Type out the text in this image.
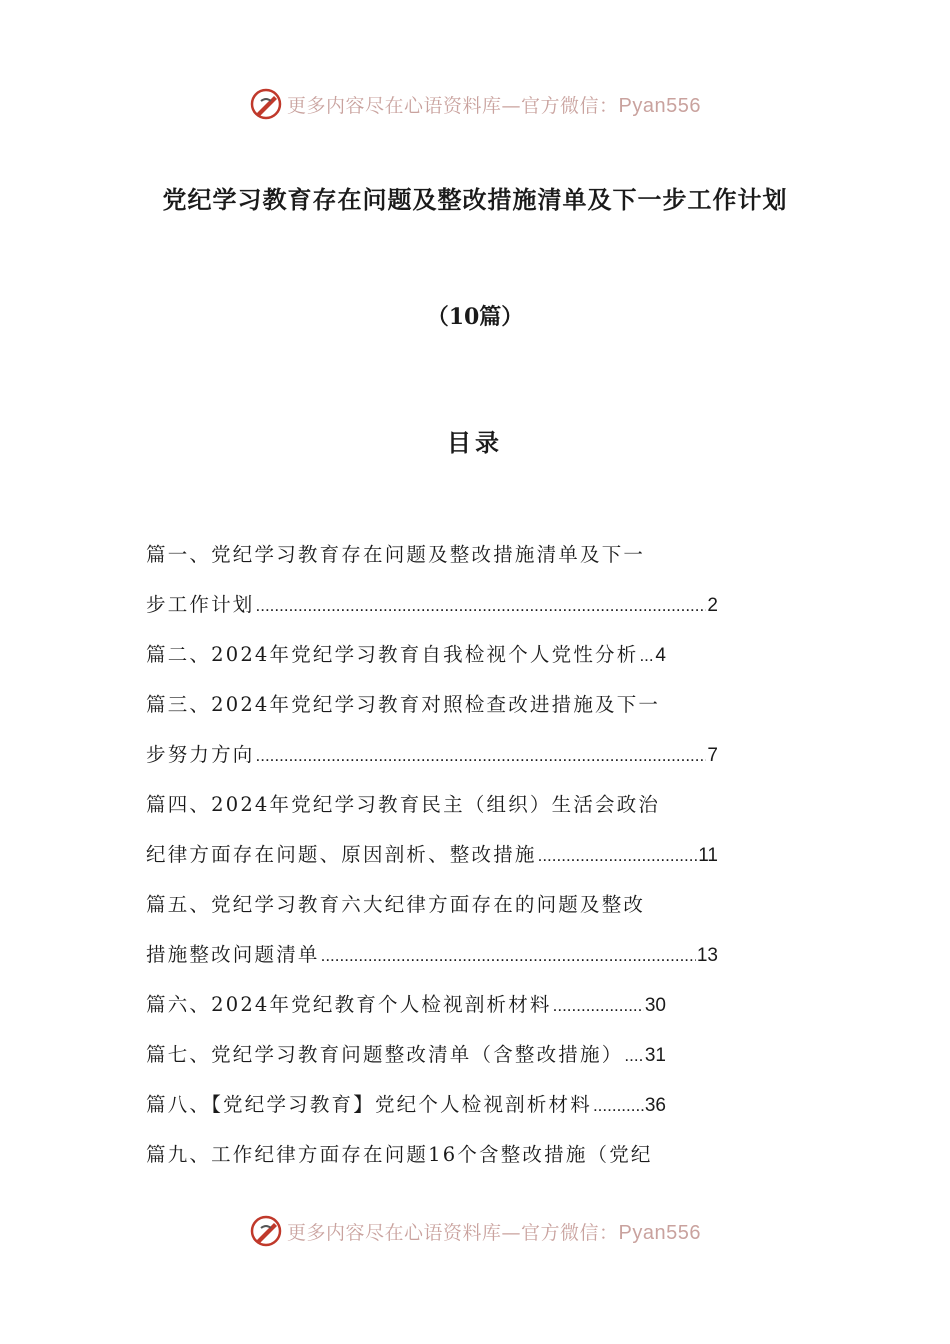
更多内容尽在心语资料库—官方微信：Pyan556
党纪学习教育存在问题及整改措施清单及下一步工作计划
（10篇）
目录
篇一、党纪学习教育存在问题及整改措施清单及下一
步工作计划 .....	2
篇二、2024年党纪学习教育自我检视个人党性分析 ..... 4
篇三、2024年党纪学习教育对照检查改进措施及下一
步努力方向 .....	7
篇四、2024年党纪学习教育民主（组织）生活会政治
纪律方面存在问题、原因剖析、整改措施 .....	11
篇五、党纪学习教育六大纪律方面存在的问题及整改
措施整改问题清单 .....	13
篇六、2024年党纪教育个人检视剖析材料 .....	30
篇七、党纪学习教育问题整改清单（含整改措施） ..... 31
篇八、【党纪学习教育】党纪个人检视剖析材料 .....	36
篇九、工作纪律方面存在问题16个含整改措施（党纪
更多内容尽在心语资料库—官方微信：Pyan556
